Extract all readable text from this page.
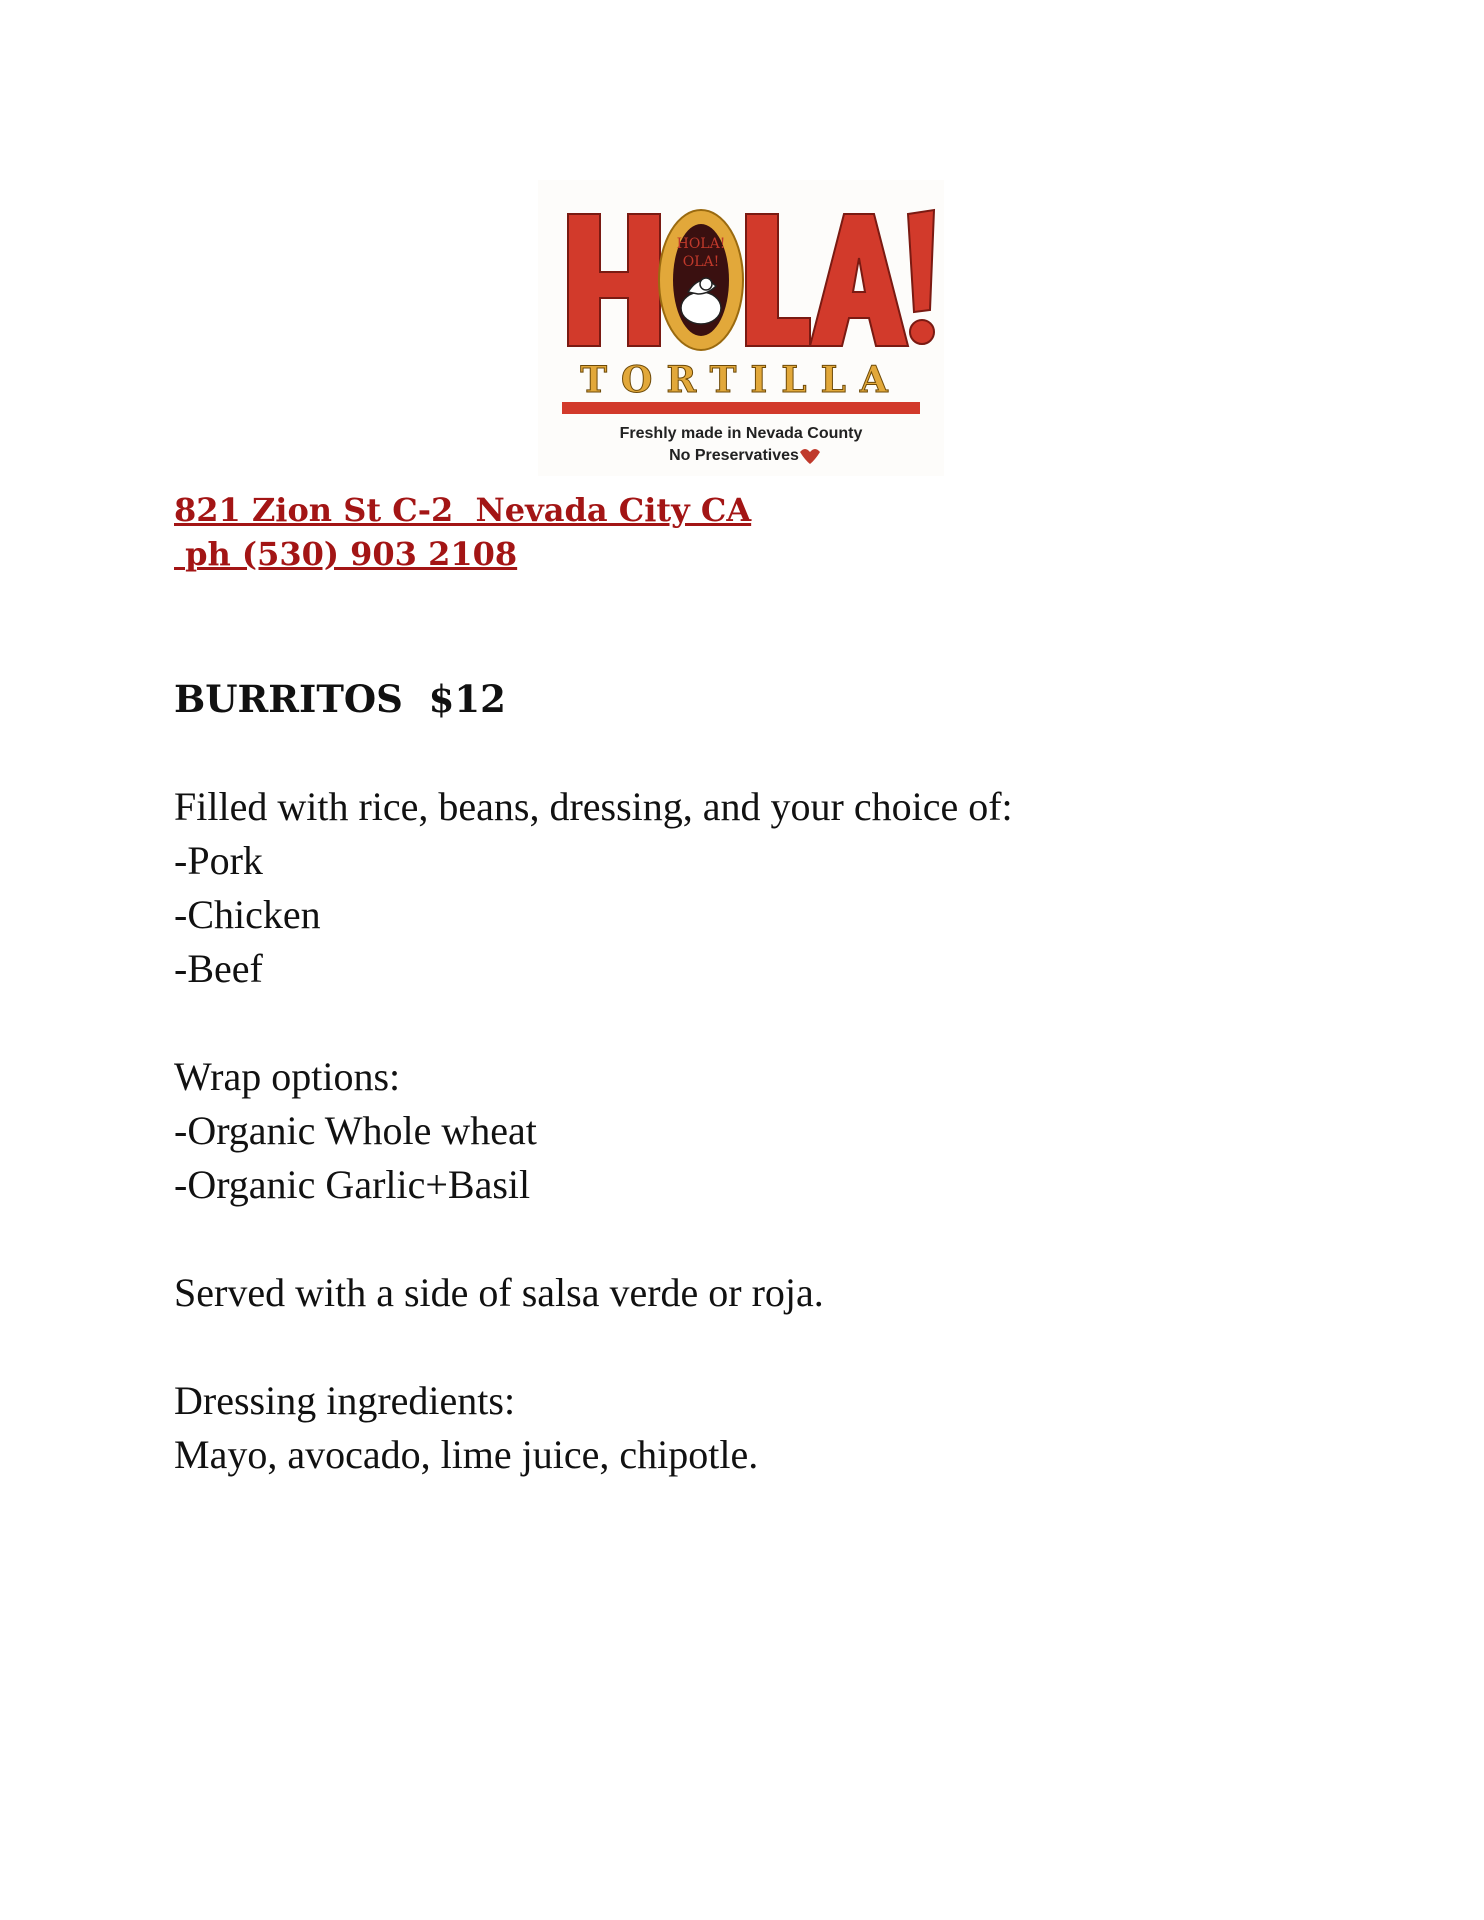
HOLA!
OLA!
TORTILLA
Freshly made in Nevada County
No Preservatives
821 Zion St C-2  Nevada City CA
ph (530) 903 2108

BURRITOS  $12

Filled with rice, beans, dressing, and your choice of:

-Pork

-Chicken

-Beef

Wrap options:

-Organic Whole wheat

-Organic Garlic+Basil

Served with a side of salsa verde or roja.

Dressing ingredients:

Mayo, avocado, lime juice, chipotle.
